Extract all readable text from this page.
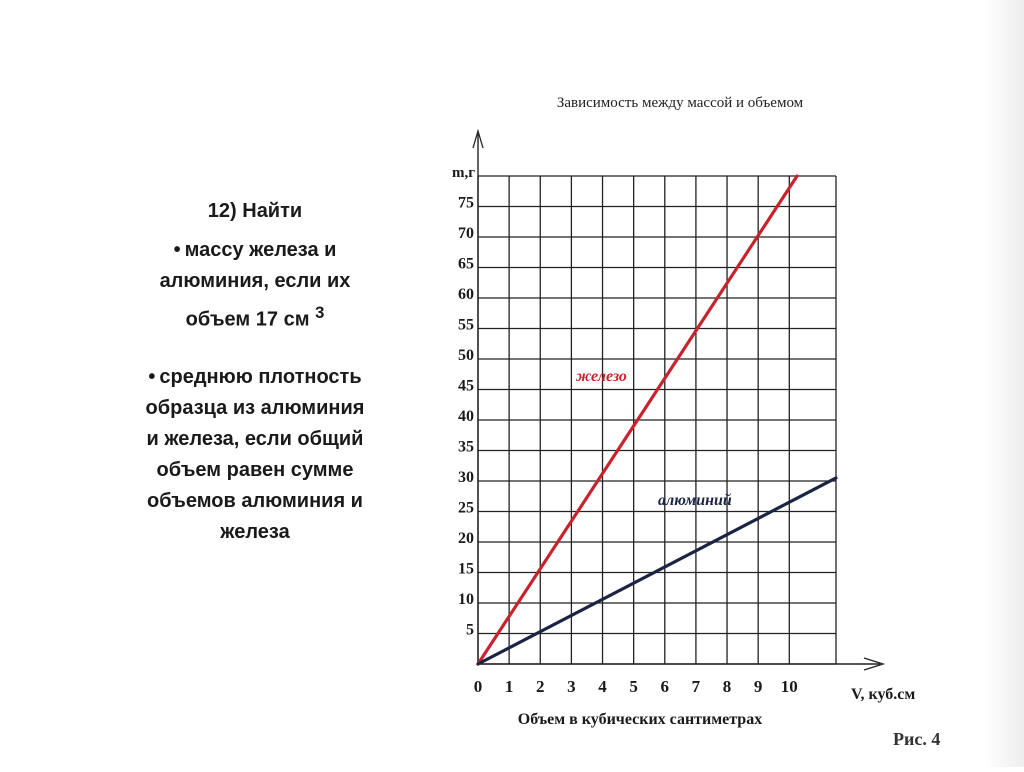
12) Найти
• массу железа и
алюминия, если их
объем 17 см $^3$
• среднюю плотность
образца из алюминия
и железа, если общий
объем равен сумме
объемов алюминия и
железа
0 1 2 3 4 5 6 7 8 9 10
5
10
15
20
25
30
35
40
45
50
55
60
65
70
75
Зависимость между массой и объемом
m,г
V, куб.см
Объем в кубических сантиметрах
железо
алюминий
Рис. 4
